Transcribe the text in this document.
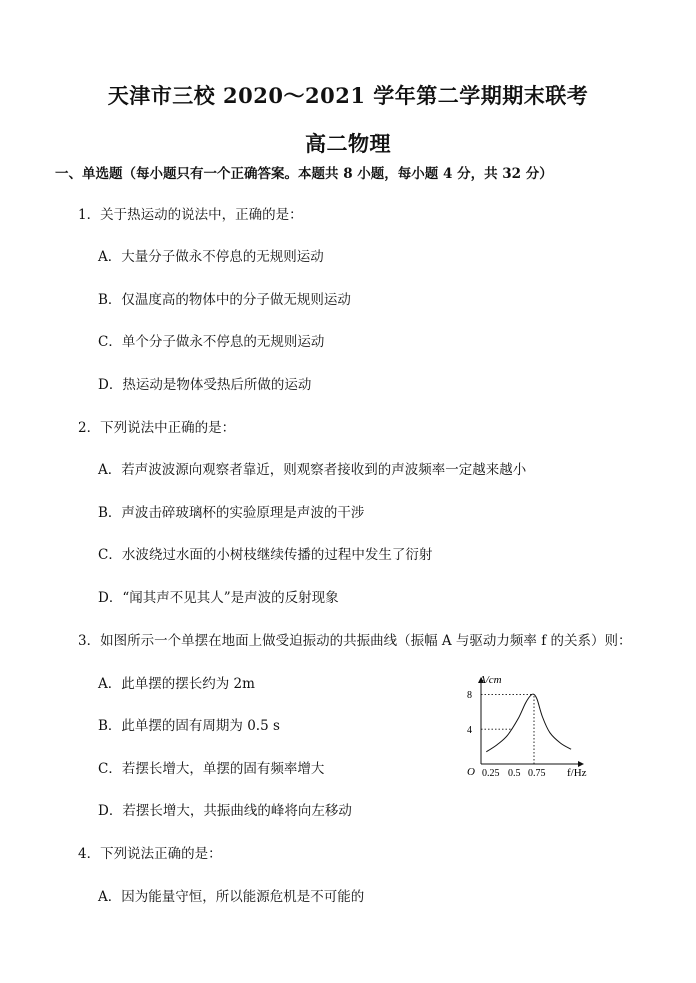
天津市三校 2020～2021 学年第二学期期末联考
高二物理
一、单选题（每小题只有一个正确答案。本题共 8 小题，每小题 4 分，共 32 分）
1．关于热运动的说法中，正确的是：
A．大量分子做永不停息的无规则运动
B．仅温度高的物体中的分子做无规则运动
C．单个分子做永不停息的无规则运动
D．热运动是物体受热后所做的运动
2．下列说法中正确的是：
A．若声波波源向观察者靠近，则观察者接收到的声波频率一定越来越小
B．声波击碎玻璃杯的实验原理是声波的干涉
C．水波绕过水面的小树枝继续传播的过程中发生了衍射
D．“闻其声不见其人”是声波的反射现象
3．如图所示一个单摆在地面上做受迫振动的共振曲线（振幅 A 与驱动力频率 f 的关系）则：
A．此单摆的摆长约为 2m
B．此单摆的固有周期为 0.5 s
C．若摆长增大，单摆的固有频率增大
D．若摆长增大，共振曲线的峰将向左移动
A/cm
f/Hz
O
8
4
0.25 0.5 0.75
4．下列说法正确的是：
A．因为能量守恒，所以能源危机是不可能的
